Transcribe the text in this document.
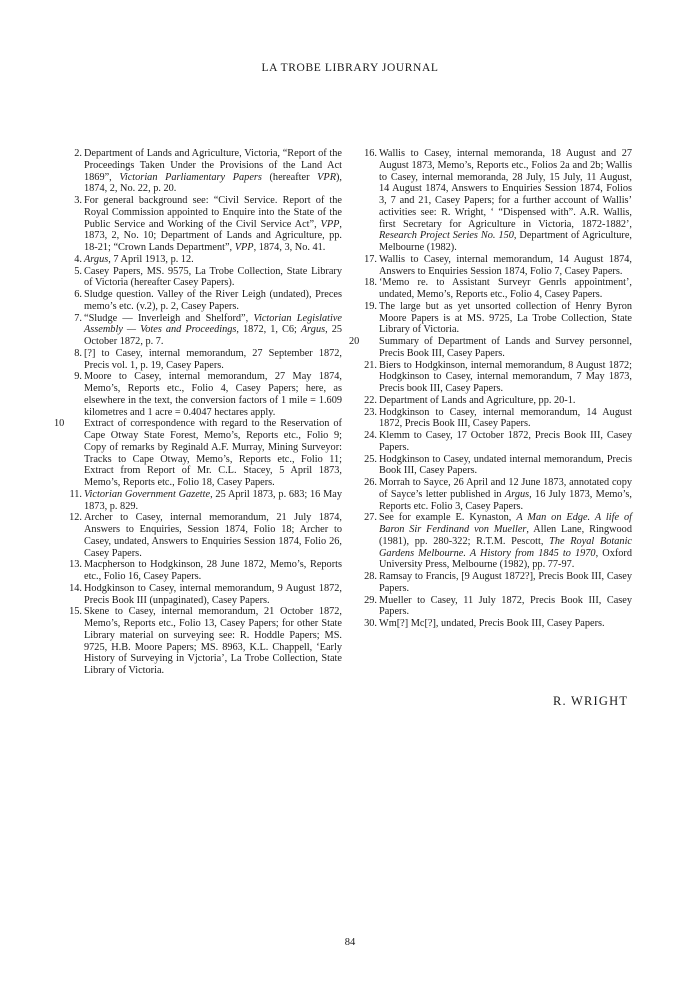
LA TROBE LIBRARY JOURNAL
2. Department of Lands and Agriculture, Victoria, “Report of the Proceedings Taken Under the Provisions of the Land Act 1869”, Victorian Parliamentary Papers (hereafter VPR), 1874, 2, No. 22, p. 20.
3. For general background see: “Civil Service. Report of the Royal Commission appointed to Enquire into the State of the Public Service and Working of the Civil Service Act”, VPP, 1873, 2, No. 10; Department of Lands and Agriculture, pp. 18-21; “Crown Lands Department”, VPP, 1874, 3, No. 41.
4. Argus, 7 April 1913, p. 12.
5. Casey Papers, MS. 9575, La Trobe Collection, State Library of Victoria (hereafter Casey Papers).
6. Sludge question. Valley of the River Leigh (undated), Preces memo’s etc. (v.2), p. 2, Casey Papers.
7. “Sludge — Inverleigh and Shelford”, Victorian Legislative Assembly — Votes and Proceedings, 1872, 1, C6; Argus, 25 October 1872, p. 7.
8. [?] to Casey, internal memorandum, 27 September 1872, Precis vol. 1, p. 19, Casey Papers.
9. Moore to Casey, internal memorandum, 27 May 1874, Memo’s, Reports etc., Folio 4, Casey Papers; here, as elsewhere in the text, the conversion factors of 1 mile = 1.609 kilometres and 1 acre = 0.4047 hectares apply.
10	Extract of correspondence with regard to the Reservation of Cape Otway State Forest, Memo’s, Reports etc., Folio 9; Copy of remarks by Reginald A.F. Murray, Mining Surveyor: Tracks to Cape Otway, Memo’s, Reports etc., Folio 11; Extract from Report of Mr. C.L. Stacey, 5 April 1873, Memo’s, Reports etc., Folio 18, Casey Papers.
11. Victorian Government Gazette, 25 April 1873, p. 683; 16 May 1873, p. 829.
12. Archer to Casey, internal memorandum, 21 July 1874, Answers to Enquiries, Session 1874, Folio 18; Archer to Casey, undated, Answers to Enquiries Session 1874, Folio 26, Casey Papers.
13. Macpherson to Hodgkinson, 28 June 1872, Memo’s, Reports etc., Folio 16, Casey Papers.
14. Hodgkinson to Casey, internal memorandum, 9 August 1872, Precis Book III (unpaginated), Casey Papers.
15. Skene to Casey, internal memorandum, 21 October 1872, Memo’s, Reports etc., Folio 13, Casey Papers; for other State Library material on surveying see: R. Hoddle Papers; MS. 9725, H.B. Moore Papers; MS. 8963, K.L. Chappell, ‘Early History of Surveying in Vjctoria’, La Trobe Collection, State Library of Victoria.
16. Wallis to Casey, internal memoranda, 18 August and 27 August 1873, Memo’s, Reports etc., Folios 2a and 2b; Wallis to Casey, internal memoranda, 28 July, 15 July, 11 August, 14 August 1874, Answers to Enquiries Session 1874, Folios 3, 7 and 21, Casey Papers; for a further account of Wallis’ activities see: R. Wright, ‘ “Dispensed with”. A.R. Wallis, first Secretary for Agriculture in Victoria, 1872-1882’, Research Project Series No. 150, Department of Agriculture, Melbourne (1982).
17. Wallis to Casey, internal memorandum, 14 August 1874, Answers to Enquiries Session 1874, Folio 7, Casey Papers.
18. ‘Memo re. to Assistant Surveyr Genrls appointment’, undated, Memo’s, Reports etc., Folio 4, Casey Papers.
19. The large but as yet unsorted collection of Henry Byron Moore Papers is at MS. 9725, La Trobe Collection, State Library of Victoria.
20	Summary of Department of Lands and Survey personnel, Precis Book III, Casey Papers.
21. Biers to Hodgkinson, internal memorandum, 8 August 1872; Hodgkinson to Casey, internal memorandum, 7 May 1873, Precis book III, Casey Papers.
22. Department of Lands and Agriculture, pp. 20-1.
23. Hodgkinson to Casey, internal memorandum, 14 August 1872, Precis Book III, Casey Papers.
24. Klemm to Casey, 17 October 1872, Precis Book III, Casey Papers.
25. Hodgkinson to Casey, undated internal memorandum, Precis Book III, Casey Papers.
26. Morrah to Sayce, 26 April and 12 June 1873, annotated copy of Sayce’s letter published in Argus, 16 July 1873, Memo’s, Reports etc. Folio 3, Casey Papers.
27. See for example E. Kynaston, A Man on Edge. A life of Baron Sir Ferdinand von Mueller, Allen Lane, Ringwood (1981), pp. 280-322; R.T.M. Pescott, The Royal Botanic Gardens Melbourne. A History from 1845 to 1970, Oxford University Press, Melbourne (1982), pp. 77-97.
28. Ramsay to Francis, [9 August 1872?], Precis Book III, Casey Papers.
29. Mueller to Casey, 11 July 1872, Precis Book III, Casey Papers.
30. Wm[?] Mc[?], undated, Precis Book III, Casey Papers.
R. WRIGHT
84
